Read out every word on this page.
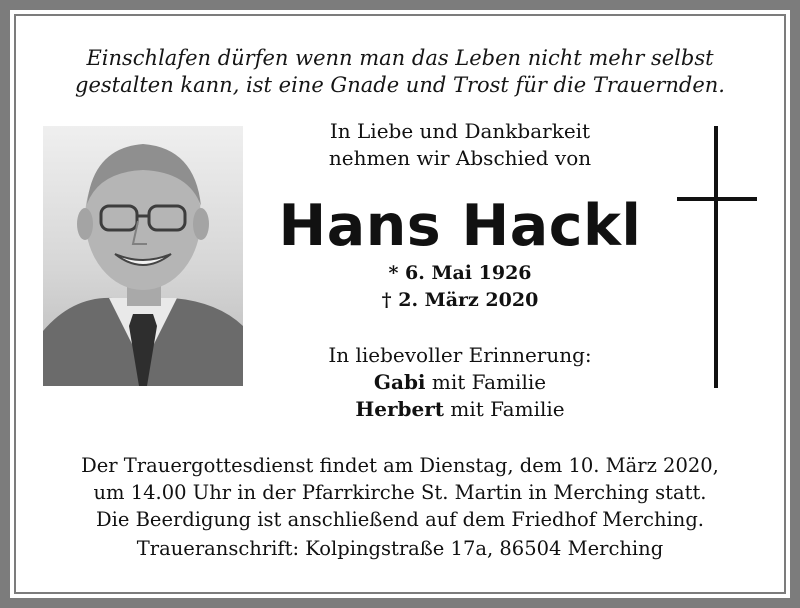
Einschlafen dürfen wenn man das Leben nicht mehr selbst
gestalten kann, ist eine Gnade und Trost für die Trauernden.
In Liebe und Dankbarkeit
nehmen wir Abschied von
Hans Hackl
* 6. Mai 1926
† 2. März 2020
In liebevoller Erinnerung:
Gabi mit Familie
Herbert mit Familie
Der Trauergottesdienst findet am Dienstag, dem 10. März 2020,
um 14.00 Uhr in der Pfarrkirche St. Martin in Merching statt.
Die Beerdigung ist anschließend auf dem Friedhof Merching.
Traueranschrift: Kolpingstraße 17a, 86504 Merching
